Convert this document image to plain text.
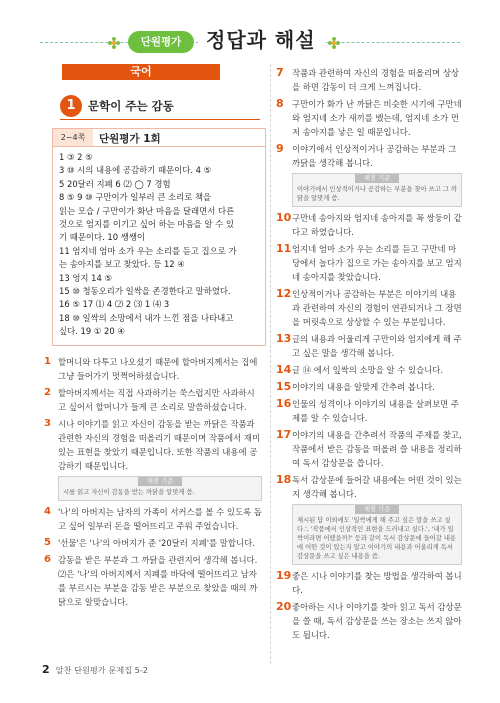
단원평가	정답과 해설
국어
1	문학이 주는 감동
2~4쪽	단원평가 1회
1 ③ 2 ⑤
3 ⑩ 시의 내용에 공감하기 때문이다. 4 ⑤
5 20달러 지폐 6 ⑵ ◯ 7 경험
8 ⑤ 9 ⑩ 구만이가 일부러 큰 소리로 책을
읽는 모습 / 구만이가 화난 마음을 달래면서 다른
것으로 엄지를 이기고 싶어 하는 마음을 알 수 있
기 때문이다. 10 쌩쌩이
11 엄지네 엄마 소가 우는 소리를 듣고 집으로 가
는 송아지를 보고 찾았다. 등 12 ④
13 엉지 14 ⑤
15 ⑩ 청동오리가 일싹을 존경한다고 말하였다.
16 ⑤ 17 ⑴ 4 ⑵ 2 ⑶ 1 ⑷ 3
18 ⑩ 일싹의 소망에서 내가 느낀 점을 나타내고
싶다. 19 ① 20 ④
1 할머니와 다투고 나오셨기 때문에 할아버지께서는 집에 그냥 들어가기 멋쩍어하셨습니다.
2 할아버지께서는 직접 사과하기는 쑥스럽지만 사과하시고 싶어서 할머니가 들게 큰 소리로 말씀하셨습니다.
3 시나 이야기를 읽고 자신이 감동을 받는 까닭은 작품과 관련한 자신의 경험을 떠올리기 때문이며 작품에서 재미있는 표현을 찾았기 때문입니다. 또한 작품의 내용에 공감하기 때문입니다.
채점 기준
시를 읽고 자신이 감동을 받는 까닭을 알맞게 씀.
4 '나'의 아버지는 남자의 가족이 서커스를 볼 수 있도록 돕고 싶어 일부러 돈을 떨어뜨리고 주워 주었습니다.
5 '선물'은 '나'의 아버지가 준 '20달러 지폐'를 말합니다.
6 감동을 받은 부분과 그 까닭을 관련지어 생각해 봅니다. ⑵은 '나'의 아버지께서 지폐를 바닥에 떨어뜨리고 남자를 부르시는 부분을 감동 받은 부분으로 찾았을 때의 까닭으로 알맞습니다.
7 작품과 관련하여 자신의 경험을 떠올리며 상상을 하면 감동이 더 크게 느껴집니다.
8 구만이가 화가 난 까닭은 비슷한 시기에 구만네와 엄지네 소가 새끼를 뱄는데, 엄지네 소가 먼저 송아지를 낳은 일 때문입니다.
9 이야기에서 인상적이거나 공감하는 부분과 그 까닭을 생각해 봅니다.
채점 기준
이야기에서 인상적이거나 공감하는 부분을 찾아 쓰고 그 까닭을 알맞게 씀.
10 구만네 송아지와 엄지네 송아지를 꼭 쌍둥이 같다고 하였습니다.
11 엄지네 엄마 소가 우는 소리를 듣고 구만네 마당에서 놀다가 집으로 가는 송아지를 보고 엄지네 송아지를 찾았습니다.
12 인상적이거나 공감하는 부분은 이야기의 내용과 관련하여 자신의 경험이 연관되거나 그 장면을 머릿속으로 상상할 수 있는 부분입니다.
13 글의 내용과 어울리게 구만이와 엄지에게 해 주고 싶은 말을 생각해 봅니다.
14 글 ⑭ 에서 잎싹의 소망을 알 수 있습니다.
15 이야기의 내용을 알맞게 간추려 봅니다.
16 인물의 성격이나 이야기의 내용을 살펴보면 주제를 알 수 있습니다.
17 이야기의 내용을 간추려서 작품의 주제를 찾고, 작품에서 받은 감동을 떠올려 쓸 내용을 정리하여 독서 감상문을 씁니다.
18 독서 감상문에 들어갈 내용에는 어떤 것이 있는지 생각해 봅니다.
채점 기준
제시된 답 이외에도 '일싹에게 해 주고 싶은 말을 쓰고 싶다.', '작품에서 인상적인 표현을 드러내고 싶다.', '내가 일싹이라면 어땠을까?' 등과 같이 독서 감상문에 들어갈 내용에 어떤 것이 있는지 알고 이야기의 내용과 어울리게 독서 감상문을 쓰고 싶은 내용을 씀.
19 좋은 시나 이야기를 찾는 방법을 생각하여 봅니다.
20 좋아하는 시나 이야기를 찾아 읽고 독서 감상문을 쓸 때, 독서 감상문을 쓰는 장소는 쓰지 않아도 됩니다.
2 알찬 단원평가 문제집 5-2
